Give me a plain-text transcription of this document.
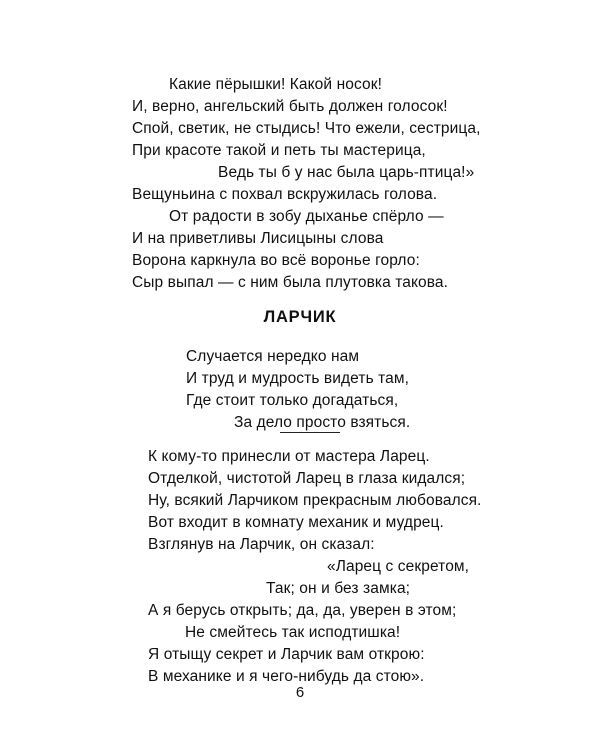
Какие пёрышки! Какой носок!
И, верно, ангельский быть должен голосок!
Спой, светик, не стыдись! Что ежели, сестрица,
При красоте такой и петь ты мастерица,
Ведь ты б у нас была царь-птица!»
Вещуньина с похвал вскружилась голова.
От радости в зобу дыханье спёрло —
И на приветливы Лисицыны слова
Ворона каркнула во всё воронье горло:
Сыр выпал — с ним была плутовка такова.
ЛАРЧИК
Случается нередко нам
И труд и мудрость видеть там,
Где стоит только догадаться,
За дело просто взяться.
К кому-то принесли от мастера Ларец.
Отделкой, чистотой Ларец в глаза кидался;
Ну, всякий Ларчиком прекрасным любовался.
Вот входит в комнату механик и мудрец.
Взглянув на Ларчик, он сказал:
«Ларец с секретом,
Так; он и без замка;
А я берусь открыть; да, да, уверен в этом;
Не смейтесь так исподтишка!
Я отыщу секрет и Ларчик вам открою:
В механике и я чего-нибудь да стою».
6
